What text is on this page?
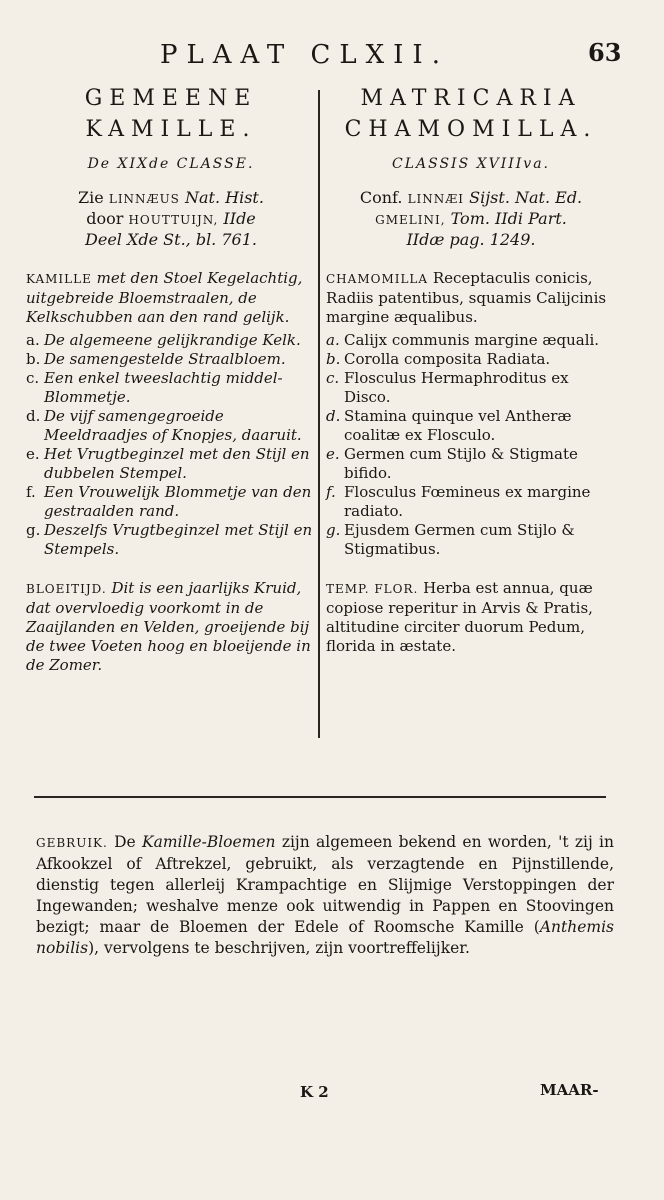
PLAAT CLXII.	63
GEMEENE
KAMILLE.
De XIXde CLASSE.
Zie LINNÆUS Nat. Hist.
door HOUTTUIJN, IIde
Deel Xde St., bl. 761.
KAMILLE met den Stoel Kegelachtig, uitgebreide Bloemstraalen, de Kelkschubben aan den rand gelijk.
a. De algemeene gelijkrandige Kelk.
b. De samengestelde Straalbloem.
c. Een enkel tweeslachtig middel-Blommetje.
d. De vijf samengegroeide Meeldraadjes of Knopjes, daaruit.
e. Het Vrugtbeginzel met den Stijl en dubbelen Stempel.
f. Een Vrouwelijk Blommetje van den gestraalden rand.
g. Deszelfs Vrugtbeginzel met Stijl en Stempels.
BLOEITIJD. Dit is een jaarlijks Kruid, dat overvloedig voorkomt in de Zaaijlanden en Velden, groeijende bij de twee Voeten hoog en bloeijende in de Zomer.
MATRICARIA
CHAMOMILLA.
CLASSIS XVIIIva.
Conf. LINNÆI Sijst. Nat. Ed.
GMELINI, Tom. IIdi Part.
IIdæ pag. 1249.
CHAMOMILLA Receptaculis conicis, Radiis patentibus, squamis Calijcinis margine æqualibus.
a. Calijx communis margine æquali.
b. Corolla composita Radiata.
c. Flosculus Hermaphroditus ex Disco.
d. Stamina quinque vel Antheræ coalitæ ex Flosculo.
e. Germen cum Stijlo & Stigmate bifido.
f. Flosculus Fœmineus ex margine radiato.
g. Ejusdem Germen cum Stijlo & Stigmatibus.
TEMP. FLOR. Herba est annua, quæ copiose reperitur in Arvis & Pratis, altitudine circiter duorum Pedum, florida in æstate.
GEBRUIK. De Kamille-Bloemen zijn algemeen bekend en worden, 't zij in Afkookzel of Aftrekzel, gebruikt, als verzagtende en Pijnstillende, dienstig tegen allerleij Krampachtige en Slijmige Verstoppingen der Ingewanden; weshalve menze ook uitwendig in Pappen en Stoovingen bezigt; maar de Bloemen der Edele of Roomsche Kamille (Anthemis nobilis), vervolgens te beschrijven, zijn voortreffelijker.
K 2	MAAR-
